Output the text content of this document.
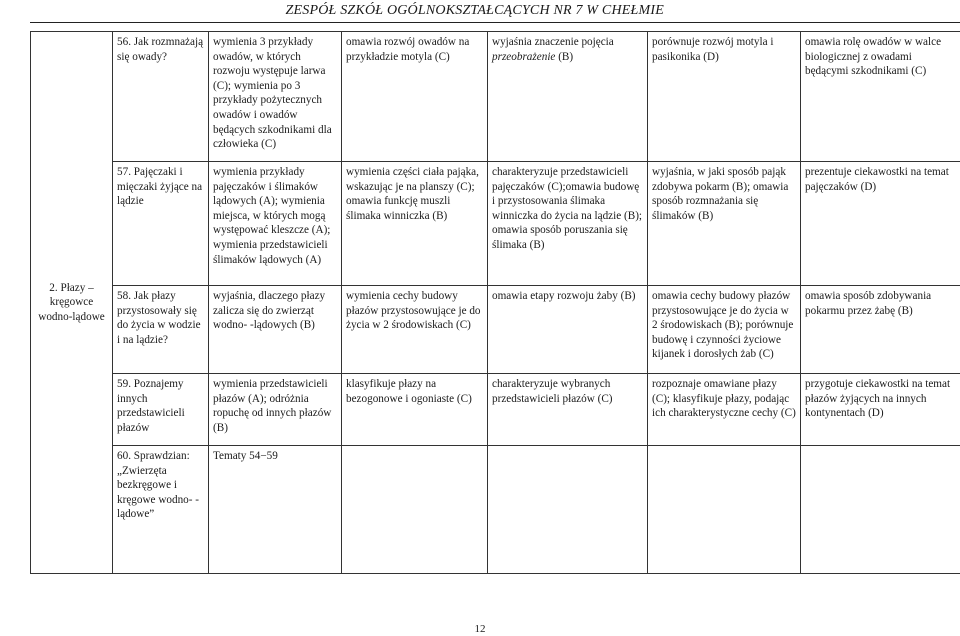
ZESPÓŁ SZKÓŁ OGÓLNOKSZTAŁCĄCYCH NR 7 W CHEŁMIE
2. Płazy – kręgowce wodno-lądowe	56. Jak rozmnażają się owady?	wymienia 3 przykłady owadów, w których rozwoju występuje larwa (C); wymienia po 3 przykłady pożytecznych owadów i owadów będących szkodnikami dla człowieka (C)	omawia rozwój owadów na przykładzie motyla (C)	wyjaśnia znaczenie pojęcia przeobrażenie (B)	porównuje rozwój motyla i pasikonika (D)	omawia rolę owadów w walce biologicznej z owadami będącymi szkodnikami (C)
	57. Pajęczaki i mięczaki żyjące na lądzie	wymienia przykłady pajęczaków i ślimaków lądowych (A); wymienia miejsca, w których mogą występować kleszcze (A); wymienia przedstawicieli ślimaków lądowych (A)	wymienia części ciała pająka, wskazując je na planszy (C); omawia funkcję muszli ślimaka winniczka (B)	charakteryzuje przedstawicieli pajęczaków (C);omawia budowę i przystosowania ślimaka winniczka do życia na lądzie (B); omawia sposób poruszania się ślimaka (B)	wyjaśnia, w jaki sposób pająk zdobywa pokarm (B); omawia sposób rozmnażania się ślimaków (B)	prezentuje ciekawostki na temat pajęczaków (D)
	58. Jak płazy przystosowały się do życia w wodzie i na lądzie?	wyjaśnia, dlaczego płazy zalicza się do zwierząt wodno- -lądowych (B)	wymienia cechy budowy płazów przystosowujące je do życia w 2 środowiskach (C)	omawia etapy rozwoju żaby (B)	omawia cechy budowy płazów przystosowujące je do życia w 2 środowiskach (B); porównuje budowę i czynności życiowe kijanek i dorosłych żab (C)	omawia sposób zdobywania pokarmu przez żabę (B)
	59. Poznajemy innych przedstawicieli płazów	wymienia przedstawicieli płazów (A); odróżnia ropuchę od innych płazów (B)	klasyfikuje płazy na bezogonowe i ogoniaste (C)	charakteryzuje wybranych przedstawicieli płazów (C)	rozpoznaje omawiane płazy (C); klasyfikuje płazy, podając ich charakterystyczne cechy (C)	przygotuje ciekawostki na temat płazów żyjących na innych kontynentach (D)
	60. Sprawdzian: „Zwierzęta bezkręgowe i kręgowe wodno- -lądowe”	Tematy 54−59				
12
